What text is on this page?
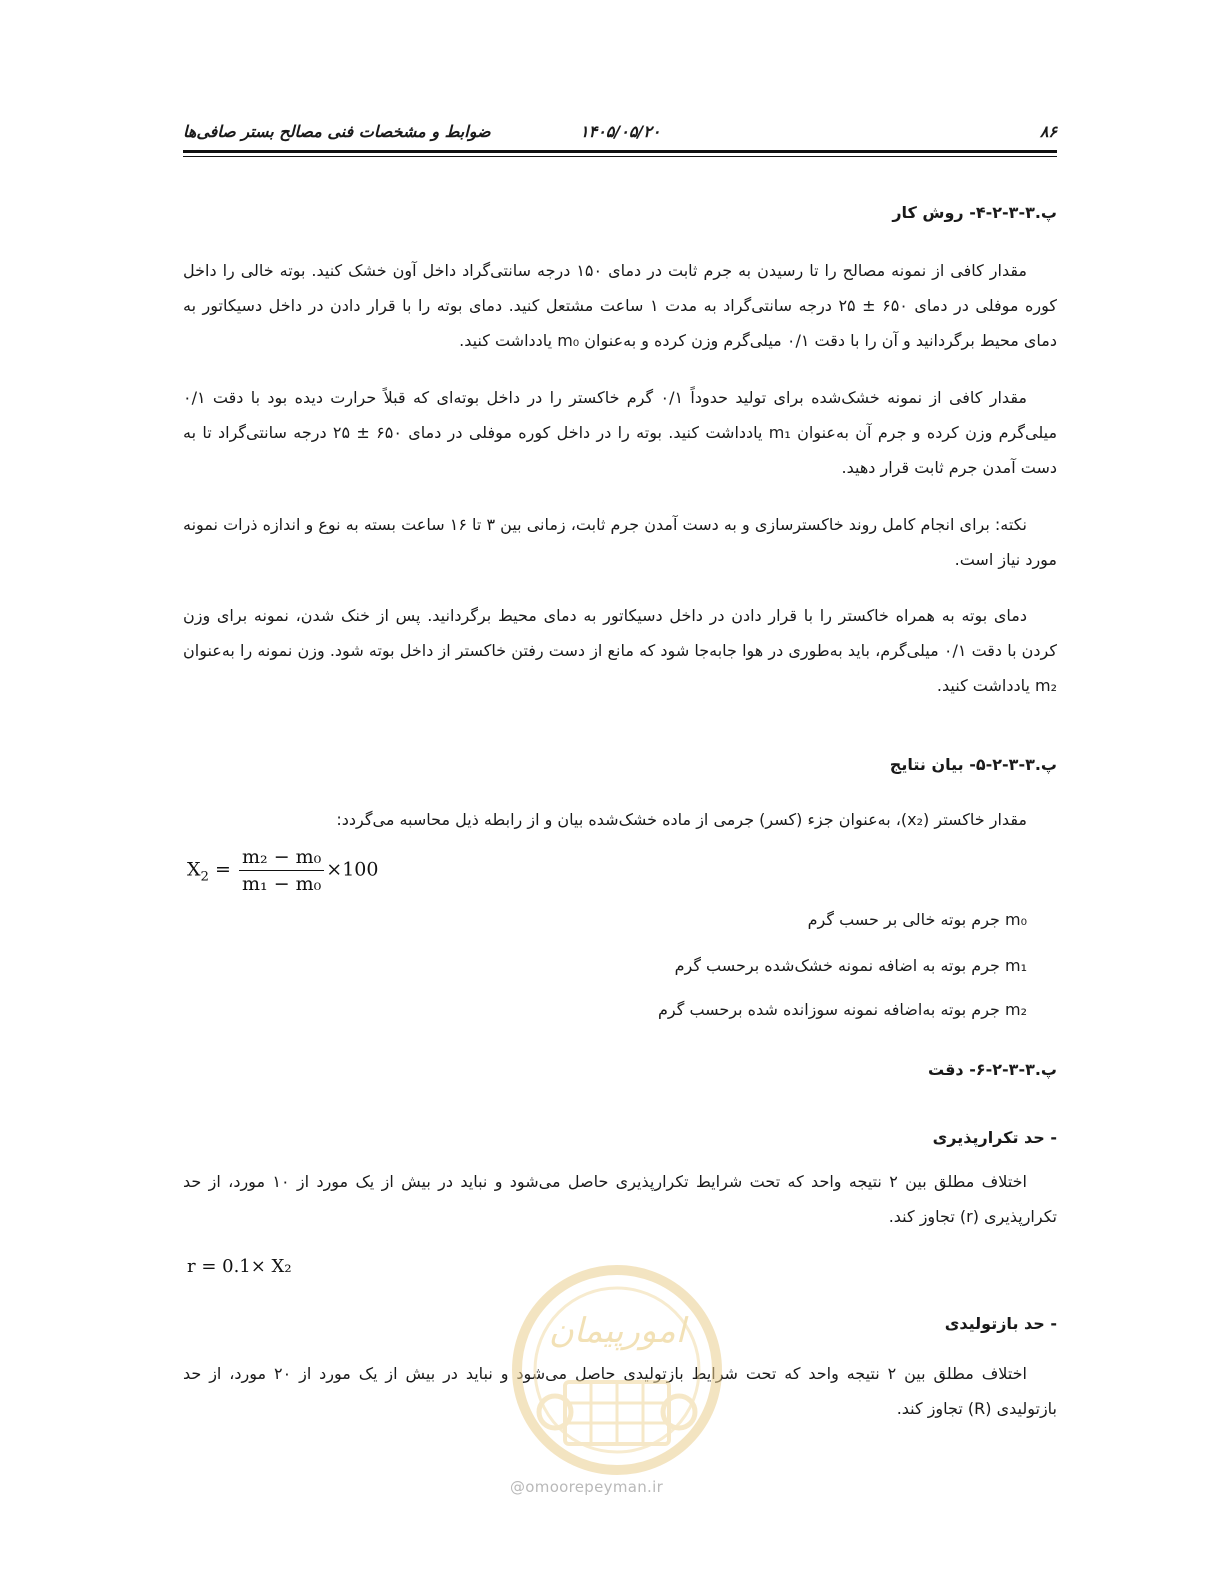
۸۶
۱۴۰۵/۰۵/۲۰
ضوابط و مشخصات فنی مصالح بستر صافی‌ها
پ.۳-۳-۲-۴- روش کار
مقدار کافی از نمونه مصالح را تا رسیدن به جرم ثابت در دمای ۱۵۰ درجه سانتی‌گراد داخل آون خشک کنید. بوته خالی را داخل کوره موفلی در دمای ۶۵۰ ± ۲۵ درجه سانتی‌گراد به مدت ۱ ساعت مشتعل کنید. دمای بوته را با قرار دادن در داخل دسیکاتور به دمای محیط برگردانید و آن را با دقت ۰/۱ میلی‌گرم وزن کرده و به‌عنوان m₀ یادداشت کنید.
مقدار کافی از نمونه خشک‌شده برای تولید حدوداً ۰/۱ گرم خاکستر را در داخل بوته‌ای که قبلاً حرارت دیده بود با دقت ۰/۱ میلی‌گرم وزن کرده و جرم آن به‌عنوان m₁ یادداشت کنید. بوته را در داخل کوره موفلی در دمای ۶۵۰ ± ۲۵ درجه سانتی‌گراد تا به دست آمدن جرم ثابت قرار دهید.
نکته: برای انجام کامل روند خاکسترسازی و به دست آمدن جرم ثابت، زمانی بین ۳ تا ۱۶ ساعت بسته به نوع و اندازه ذرات نمونه مورد نیاز است.
دمای بوته به همراه خاکستر را با قرار دادن در داخل دسیکاتور به دمای محیط برگردانید. پس از خنک شدن، نمونه برای وزن کردن با دقت ۰/۱ میلی‌گرم، باید به‌طوری در هوا جابه‌جا شود که مانع از دست رفتن خاکستر از داخل بوته شود. وزن نمونه را به‌عنوان m₂ یادداشت کنید.
پ.۳-۳-۲-۵- بیان نتایج
مقدار خاکستر (x₂)، به‌عنوان جزء (کسر) جرمی از ماده خشک‌شده بیان و از رابطه ذیل محاسبه می‌گردد:
$X_2 = \frac{\text{m₂ − m₀}}{\text{m₁ − m₀}} \times 100$
m₀ جرم بوته خالی بر حسب گرم
m₁ جرم بوته به اضافه نمونه خشک‌شده برحسب گرم
m₂ جرم بوته به‌اضافه نمونه سوزانده شده برحسب گرم
پ.۳-۳-۲-۶- دقت
- حد تکرارپذیری
اختلاف مطلق بین ۲ نتیجه واحد که تحت شرایط تکرارپذیری حاصل می‌شود و نباید در بیش از یک مورد از ۱۰ مورد، از حد تکرارپذیری (r) تجاوز کند.
r = 0.1× X₂
- حد بازتولیدی
اختلاف مطلق بین ۲ نتیجه واحد که تحت شرایط بازتولیدی حاصل می‌شود و نباید در بیش از یک مورد از ۲۰ مورد، از حد بازتولیدی (R) تجاوز کند.
امورپیمان
@omoorepeyman.ir
